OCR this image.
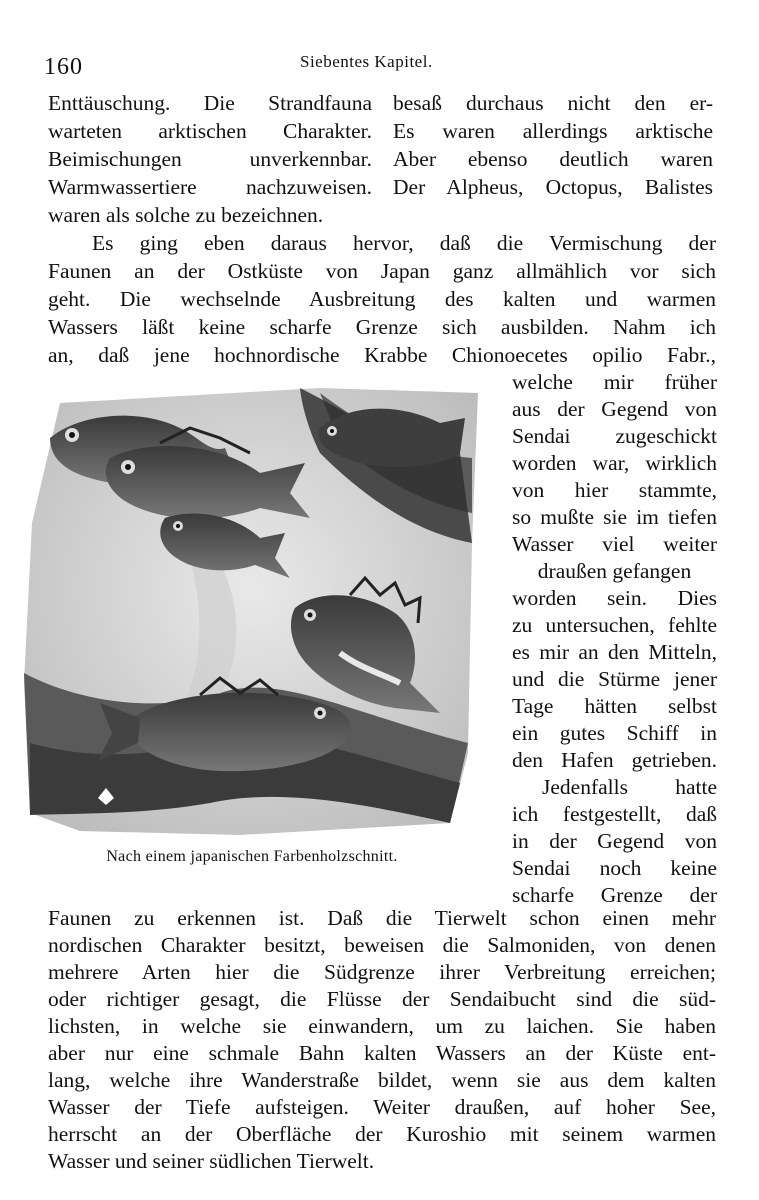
160	Siebentes Kapitel.
Enttäuschung. Die Strandfauna
warteten arktischen Charakter.
Beimischungen unverkennbar.
Warmwassertiere nachzuweisen.
waren als solche zu bezeichnen.
besaß durchaus nicht den er-
Es waren allerdings arktische
Aber ebenso deutlich waren
Der Alpheus, Octopus, Balistes
Es ging eben daraus hervor, daß die Vermischung der
Faunen an der Ostküste von Japan ganz allmählich vor sich
geht. Die wechselnde Ausbreitung des kalten und warmen
Wassers läßt keine scharfe Grenze sich ausbilden. Nahm ich
an, daß jene hochnordische Krabbe Chionoecetes opilio Fabr.,
welche mir früher
aus der Gegend von
Sendai zugeschickt
worden war, wirklich
von hier stammte,
so mußte sie im tiefen
Wasser viel weiter
draußen gefangen
worden sein. Dies
zu untersuchen, fehlte
es mir an den Mitteln,
und die Stürme jener
Tage hätten selbst
ein gutes Schiff in
den Hafen getrieben.
Jedenfalls hatte
ich festgestellt, daß
in der Gegend von
Sendai noch keine
scharfe Grenze der
Nach einem japanischen Farbenholzschnitt.
Faunen zu erkennen ist. Daß die Tierwelt schon einen mehr
nordischen Charakter besitzt, beweisen die Salmoniden, von denen
mehrere Arten hier die Südgrenze ihrer Verbreitung erreichen;
oder richtiger gesagt, die Flüsse der Sendaibucht sind die süd-
lichsten, in welche sie einwandern, um zu laichen. Sie haben
aber nur eine schmale Bahn kalten Wassers an der Küste ent-
lang, welche ihre Wanderstraße bildet, wenn sie aus dem kalten
Wasser der Tiefe aufsteigen. Weiter draußen, auf hoher See,
herrscht an der Oberfläche der Kuroshio mit seinem warmen
Wasser und seiner südlichen Tierwelt.
